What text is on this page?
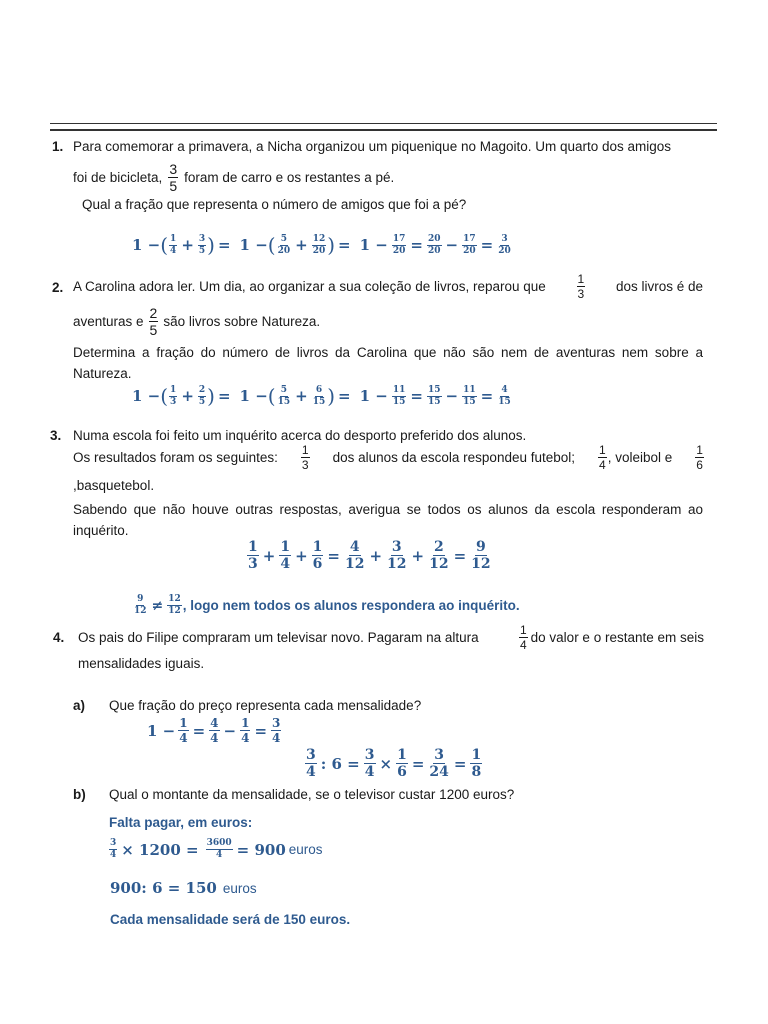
1. Para comemorar a primavera, a Nicha organizou um piquenique no Magoito. Um quarto dos amigos
foi de bicicleta, $\frac{3}{5}$ foram de carro e os restantes a pé.
Qual a fração que representa o número de amigos que foi a pé?
1 − ( $\frac{1}{4} + \frac{3}{5}$ ) = 1 − ( $\frac{5}{20} + \frac{12}{20}$ ) = $1 - \frac{17}{20} = \frac{20}{20} - \frac{17}{20} = \frac{3}{20}$
2. A Carolina adora ler. Um dia, ao organizar a sua coleção de livros, reparou que	$\frac{1}{3}$ dos livros é de
aventuras e $\frac{2}{5}$ são livros sobre Natureza.
Determina a fração do número de livros da Carolina que não são nem de aventuras nem sobre a Natureza.
1 − ( $\frac{1}{3} + \frac{2}{5}$ ) = 1 − ( $\frac{5}{15} + \frac{6}{15}$ ) = $1 - \frac{11}{15} = \frac{15}{15} - \frac{11}{15} = \frac{4}{15}$
3. Numa escola foi feito um inquérito acerca do desporto preferido dos alunos.
Os resultados foram os seguintes: $\frac{1}{3}$ dos alunos da escola respondeu futebol; $\frac{1}{4}$ , voleibol e $\frac{1}{6}$
,basquetebol.
Sabendo que não houve outras respostas, averigua se todos os alunos da escola responderam ao inquérito.
$\frac{1}{3} + \frac{1}{4} + \frac{1}{6} = \frac{4}{12} + \frac{3}{12} + \frac{2}{12} = \frac{9}{12}$
$\frac{9}{12} \ne \frac{12}{12}$ , logo nem todos os alunos respondera ao inquérito.
4. Os pais do Filipe compraram um televisar novo. Pagaram na altura	$\frac{1}{4}$ do valor e o restante em seis
mensalidades iguais.
a) Que fração do preço representa cada mensalidade?
$1 - \frac{1}{4} = \frac{4}{4} - \frac{1}{4} = \frac{3}{4}$
$\frac{3}{4}$ : $6 = \frac{3}{4} \times \frac{1}{6} = \frac{3}{24} = \frac{1}{8}$
b) Qual o montante da mensalidade, se o televisor custar 1200 euros?
Falta pagar, em euros:
$\frac{3}{4} \times 1200 = \frac{3600}{4} = 900$ euros
900: 6 = 150 euros
Cada mensalidade será de 150 euros.
